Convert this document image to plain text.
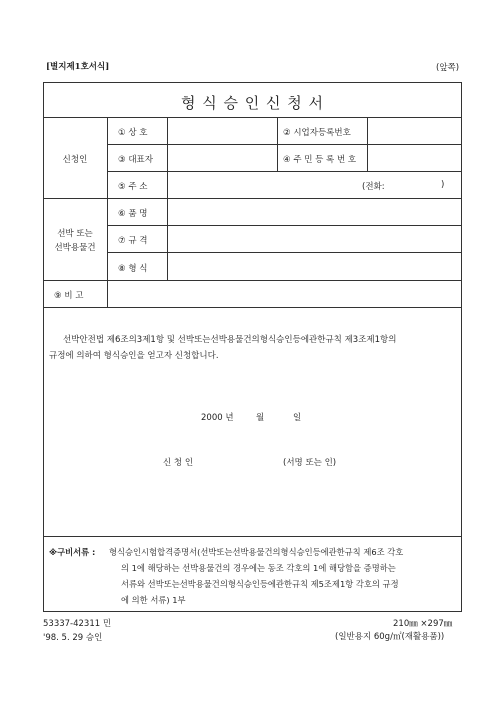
[별지제1호서식]	(앞쪽)
형 식 승 인 신 청 서
신청인
① 상 호	② 시업자등록번호
③ 대표자	④ 주 민 등 록 번 호
⑤ 주 소	(전화:	)
선박 또는
선박용물건
⑥ 품 명
⑦ 규 격
⑧ 형 식
⑨ 비 고
선박안전법 제6조의3제1항 및 선박또는선박용물건의형식승인등에관한규칙 제3조제1항의
규정에 의하여 형식승인을 얻고자 신청합니다.
2000 년	월	일
신 청 인	(서명 또는 인)
※구비서류 : 형식승인시험합격증명서(선박또는선박용물건의형식승인등에관한규칙 제6조 각호
의 1에 해당하는 선박용물건의 경우에는 동조 각호의 1에 해당함을 증명하는
서류와 선박또는선박용물건의형식승인등에관한규칙 제5조제1항 각호의 규정
에 의한 서류) 1부
53337-42311 민
'98. 5. 29 승인
210㎜ ×297㎜
(일반용지 60g/㎡(재활용품))
